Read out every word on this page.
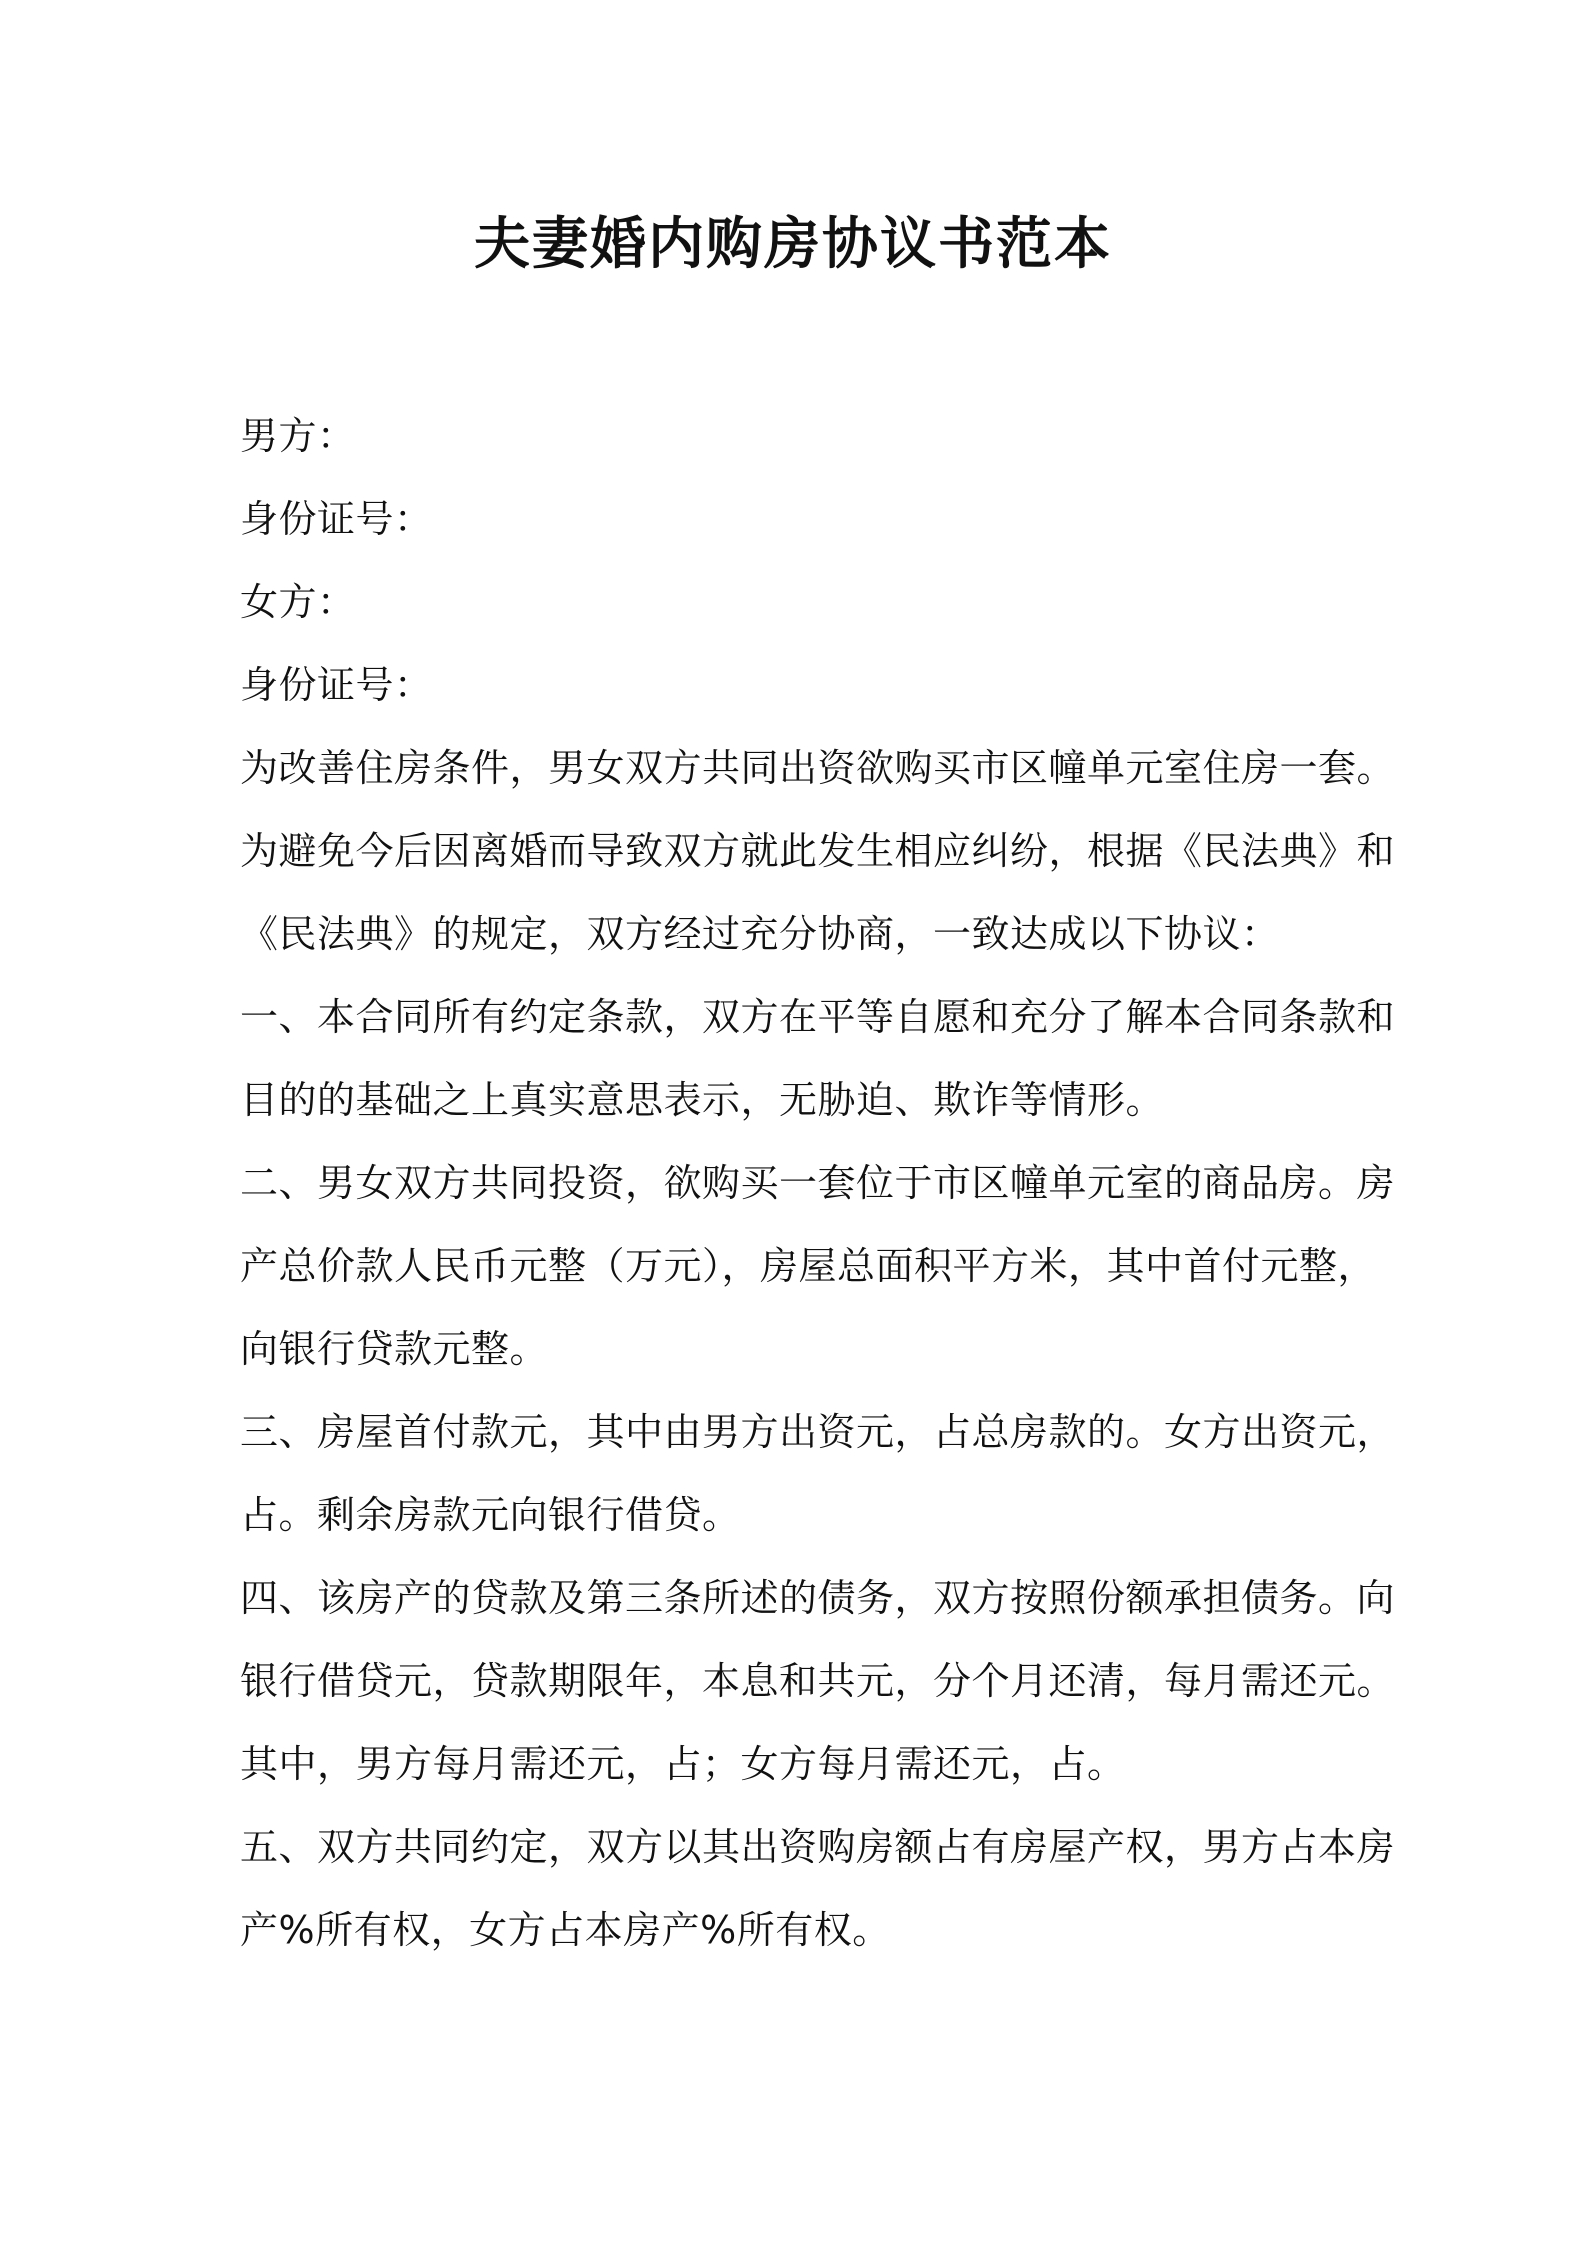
夫妻婚内购房协议书范本
男方：
身份证号：
女方：
身份证号：
为改善住房条件，男女双方共同出资欲购买市区幢单元室住房一套。
为避免今后因离婚而导致双方就此发生相应纠纷，根据《民法典》和
《民法典》的规定，双方经过充分协商，一致达成以下协议：
一、本合同所有约定条款，双方在平等自愿和充分了解本合同条款和
目的的基础之上真实意思表示，无胁迫、欺诈等情形。
二、男女双方共同投资，欲购买一套位于市区幢单元室的商品房。房
产总价款人民币元整（万元），房屋总面积平方米，其中首付元整，
向银行贷款元整。
三、房屋首付款元，其中由男方出资元，占总房款的。女方出资元，
占。剩余房款元向银行借贷。
四、该房产的贷款及第三条所述的债务，双方按照份额承担债务。向
银行借贷元，贷款期限年，本息和共元，分个月还清，每月需还元。
其中，男方每月需还元，占；女方每月需还元，占。
五、双方共同约定，双方以其出资购房额占有房屋产权，男方占本房
产%所有权，女方占本房产%所有权。
